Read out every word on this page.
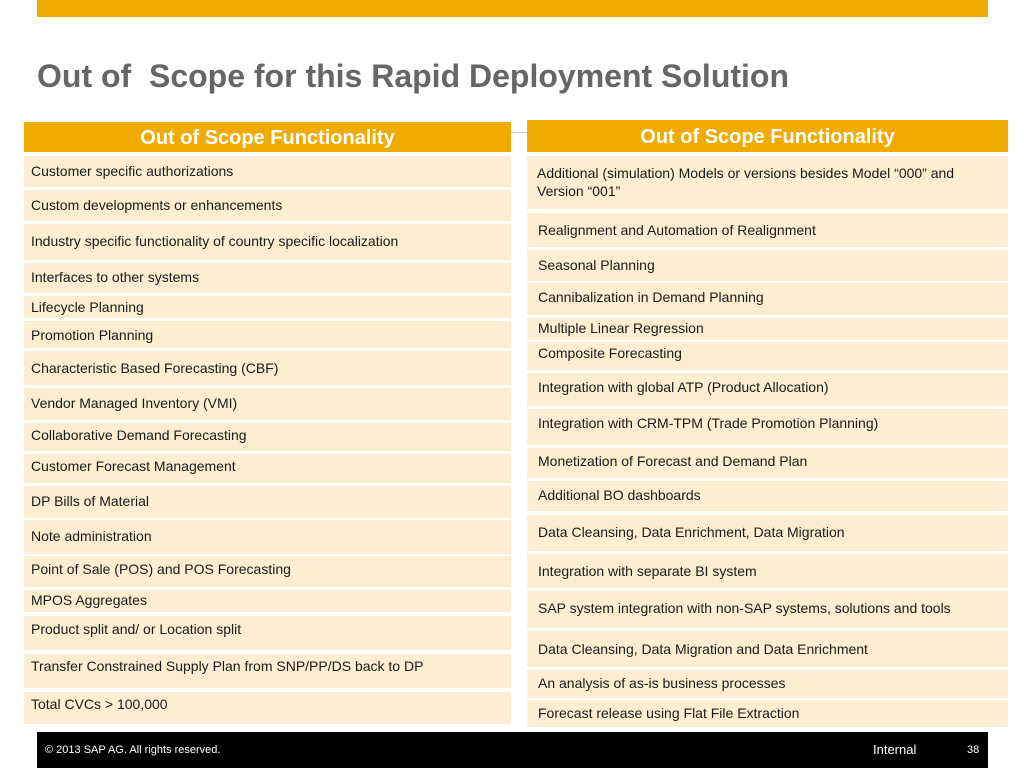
Out of  Scope for this Rapid Deployment Solution
Out of Scope Functionality
Customer specific authorizations
Custom developments or enhancements
Industry specific functionality of country specific localization
Interfaces to other systems
Lifecycle Planning
Promotion Planning
Characteristic Based Forecasting (CBF)
Vendor Managed Inventory (VMI)
Collaborative Demand Forecasting
Customer Forecast Management
DP Bills of Material
Note administration
Point of Sale (POS) and POS Forecasting
MPOS Aggregates
Product split and/ or Location split
Transfer Constrained Supply Plan from SNP/PP/DS back to DP
Total CVCs > 100,000
Out of Scope Functionality
Additional (simulation) Models or versions besides Model “000” and Version “001”
Realignment and Automation of Realignment
Seasonal Planning
Cannibalization in Demand Planning
Multiple Linear Regression
Composite Forecasting
Integration with global ATP (Product Allocation)
Integration with CRM-TPM (Trade Promotion Planning)
Monetization of Forecast and Demand Plan
Additional BO dashboards
Data Cleansing, Data Enrichment, Data Migration
Integration with separate BI system
SAP system integration with non-SAP systems, solutions and tools
Data Cleansing, Data Migration and Data Enrichment
An analysis of as-is business processes
Forecast release using Flat File Extraction
© 2013 SAP AG. All rights reserved.	Internal	38
